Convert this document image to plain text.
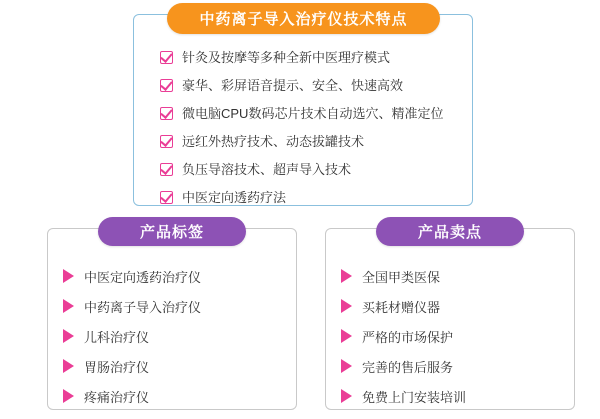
中药离子导入治疗仪技术特点
针灸及按摩等多种全新中医理疗模式
豪华、彩屏语音提示、安全、快速高效
微电脑CPU数码芯片技术自动选穴、精准定位
远红外热疗技术、动态拔罐技术
负压导溶技术、超声导入技术
中医定向透药疗法
产品标签
中医定向透药治疗仪
中药离子导入治疗仪
儿科治疗仪
胃肠治疗仪
疼痛治疗仪
产品卖点
全国甲类医保
买耗材赠仪器
严格的市场保护
完善的售后服务
免费上门安装培训
